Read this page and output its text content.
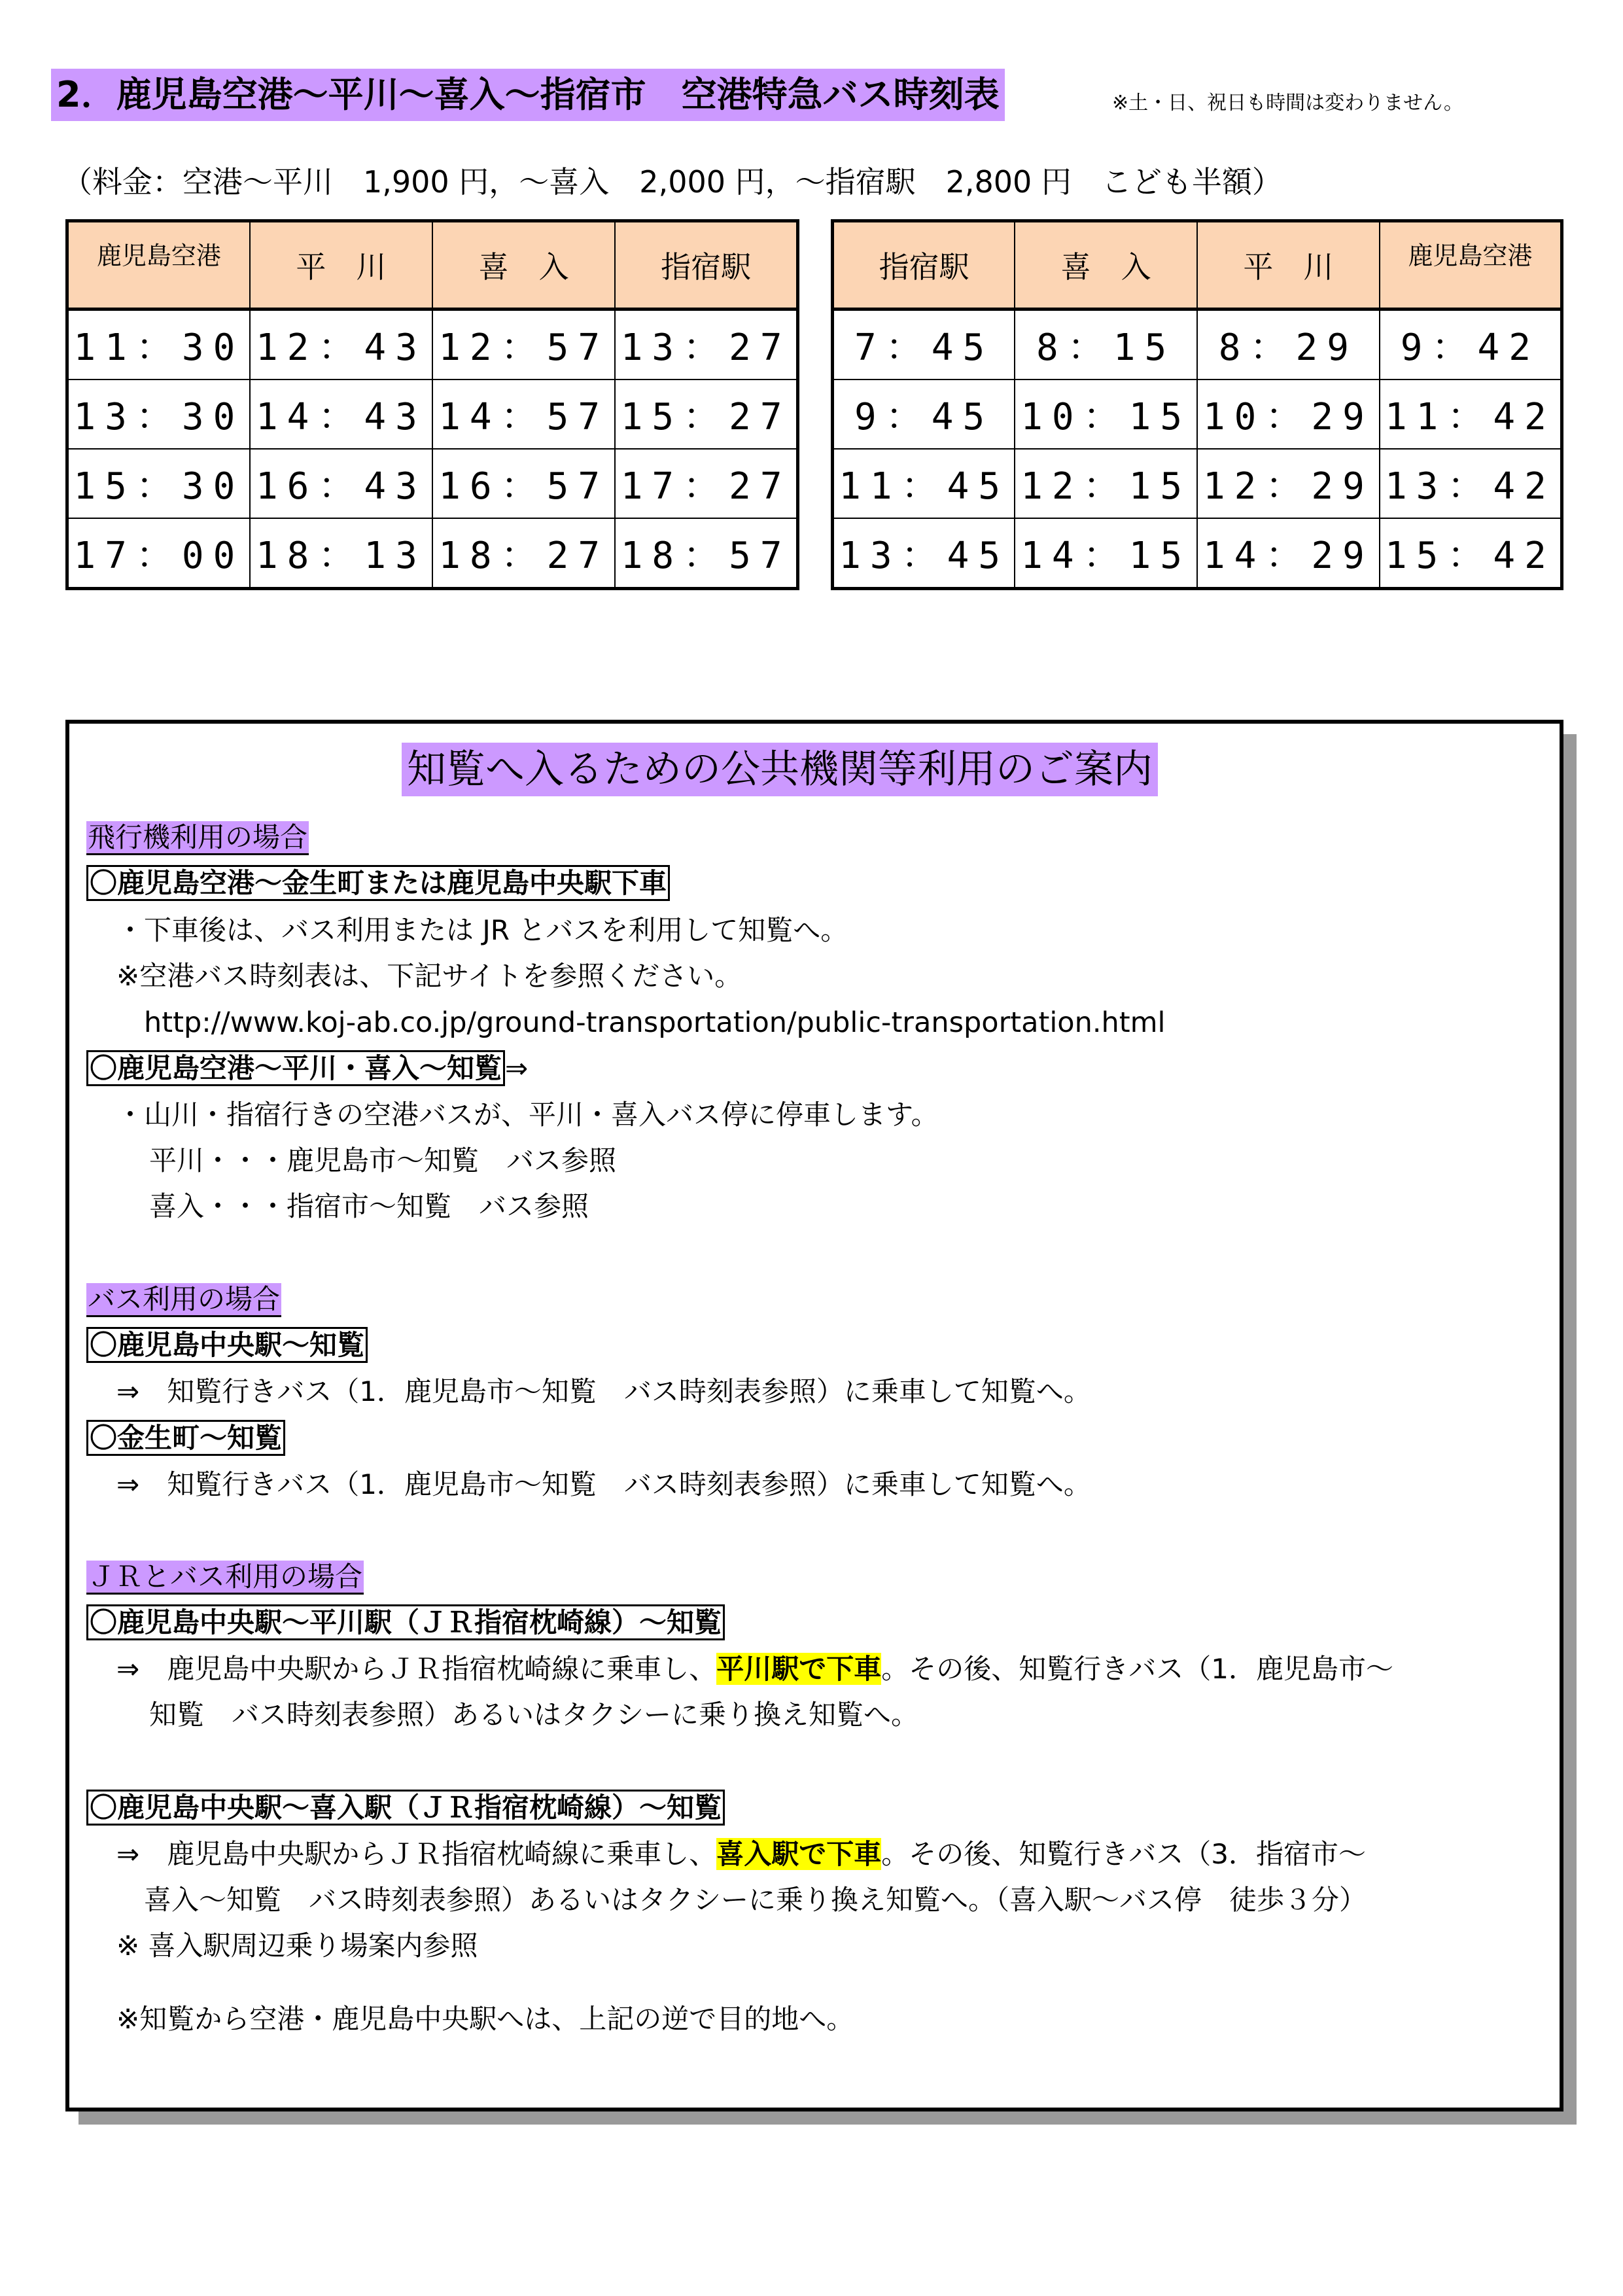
2．鹿児島空港～平川～喜入～指宿市　空港特急バス時刻表	※土・日、祝日も時間は変わりません。
（料金：空港～平川　1,900 円，～喜入　2,000 円，～指宿駅　2,800 円　こども半額）
鹿児島空港	平　川	喜　入	指宿駅
11：30	12：43	12：57	13：27
13：30	14：43	14：57	15：27
15：30	16：43	16：57	17：27
17：00	18：13	18：27	18：57
指宿駅	喜　入	平　川	鹿児島空港
7：45	8：15	8：29	9：42
9：45	10：15	10：29	11：42
11：45	12：15	12：29	13：42
13：45	14：15	14：29	15：42
知覧へ入るための公共機関等利用のご案内
飛行機利用の場合
〇鹿児島空港～金生町または鹿児島中央駅下車
・下車後は、バス利用または JR とバスを利用して知覧へ。
※空港バス時刻表は、下記サイトを参照ください。
http://www.koj-ab.co.jp/ground-transportation/public-transportation.html
〇鹿児島空港～平川・喜入～知覧 ⇒
・山川・指宿行きの空港バスが、平川・喜入バス停に停車します。
平川・・・鹿児島市～知覧　バス参照
喜入・・・指宿市～知覧　バス参照
バス利用の場合
〇鹿児島中央駅～知覧
⇒　知覧行きバス（1．鹿児島市～知覧　バス時刻表参照）に乗車して知覧へ。
〇金生町～知覧
⇒　知覧行きバス（1．鹿児島市～知覧　バス時刻表参照）に乗車して知覧へ。
ＪＲとバス利用の場合
〇鹿児島中央駅～平川駅（ＪＲ指宿枕崎線）～知覧
⇒　鹿児島中央駅からＪＲ指宿枕崎線に乗車し、平川駅で下車。その後、知覧行きバス（1．鹿児島市～
知覧　バス時刻表参照）あるいはタクシーに乗り換え知覧へ。
〇鹿児島中央駅～喜入駅（ＪＲ指宿枕崎線）～知覧
⇒　鹿児島中央駅からＪＲ指宿枕崎線に乗車し、喜入駅で下車。その後、知覧行きバス（3．指宿市～
喜入～知覧　バス時刻表参照）あるいはタクシーに乗り換え知覧へ。（喜入駅～バス停　徒歩３分）
※ 喜入駅周辺乗り場案内参照
※知覧から空港・鹿児島中央駅へは、上記の逆で目的地へ。
